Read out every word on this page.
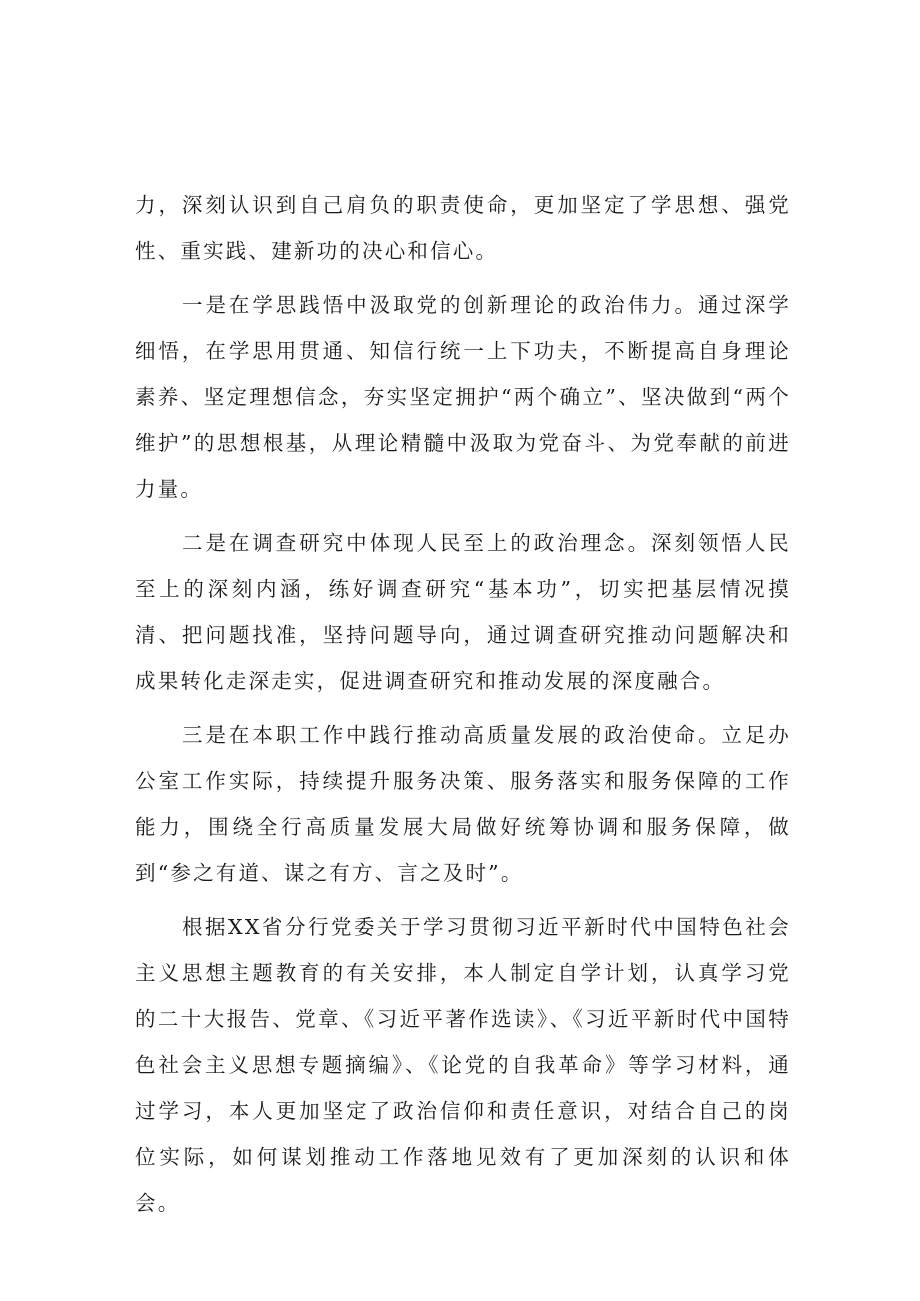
力，深刻认识到自己肩负的职责使命，更加坚定了学思想、强党性、重实践、建新功的决心和信心。

一是在学思践悟中汲取党的创新理论的政治伟力。通过深学细悟，在学思用贯通、知信行统一上下功夫，不断提高自身理论素养、坚定理想信念，夯实坚定拥护“两个确立”、坚决做到“两个维护”的思想根基，从理论精髓中汲取为党奋斗、为党奉献的前进力量。

二是在调查研究中体现人民至上的政治理念。深刻领悟人民至上的深刻内涵，练好调查研究“基本功”，切实把基层情况摸清、把问题找准，坚持问题导向，通过调查研究推动问题解决和成果转化走深走实，促进调查研究和推动发展的深度融合。

三是在本职工作中践行推动高质量发展的政治使命。立足办公室工作实际，持续提升服务决策、服务落实和服务保障的工作能力，围绕全行高质量发展大局做好统筹协调和服务保障，做到“参之有道、谋之有方、言之及时”。

根据XX省分行党委关于学习贯彻习近平新时代中国特色社会主义思想主题教育的有关安排，本人制定自学计划，认真学习党的二十大报告、党章、《习近平著作选读》、《习近平新时代中国特色社会主义思想专题摘编》、《论党的自我革命》等学习材料，通过学习，本人更加坚定了政治信仰和责任意识，对结合自己的岗位实际，如何谋划推动工作落地见效有了更加深刻的认识和体会。
